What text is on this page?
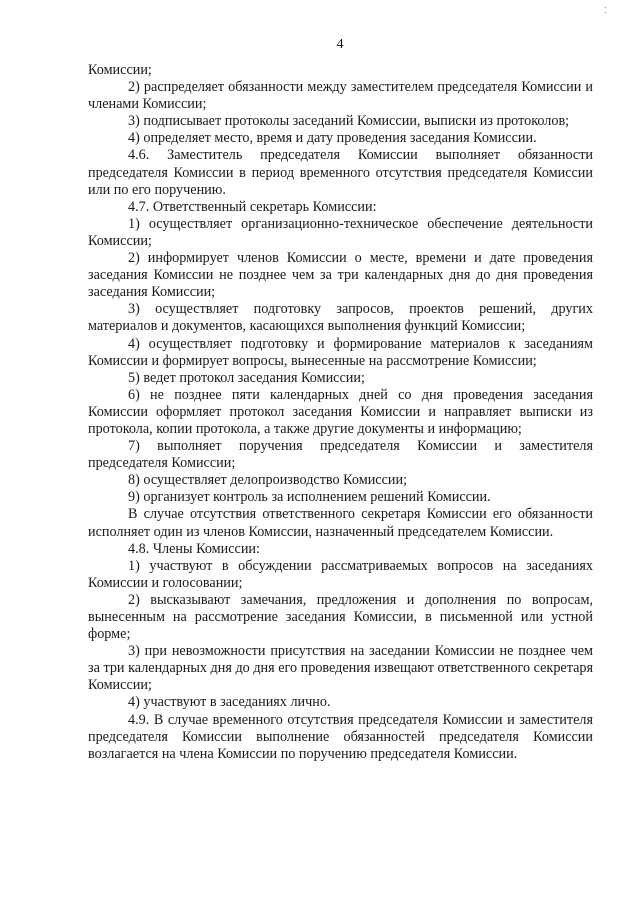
⁚
4

Комиссии;

2) распределяет обязанности между заместителем председателя Комиссии и членами Комиссии;

3) подписывает протоколы заседаний Комиссии, выписки из протоколов;

4) определяет место, время и дату проведения заседания Комиссии.

4.6. Заместитель председателя Комиссии выполняет обязанности председателя Комиссии в период временного отсутствия председателя Комиссии или по его поручению.

4.7. Ответственный секретарь Комиссии:

1) осуществляет организационно-техническое обеспечение деятельности Комиссии;

2) информирует членов Комиссии о месте, времени и дате проведения заседания Комиссии не позднее чем за три календарных дня до дня проведения заседания Комиссии;

3) осуществляет подготовку запросов, проектов решений, других материалов и документов, касающихся выполнения функций Комиссии;

4) осуществляет подготовку и формирование материалов к заседаниям Комиссии и формирует вопросы, вынесенные на рассмотрение Комиссии;

5) ведет протокол заседания Комиссии;

6) не позднее пяти календарных дней со дня проведения заседания Комиссии оформляет протокол заседания Комиссии и направляет выписки из протокола, копии протокола, а также другие документы и информацию;

7) выполняет поручения председателя Комиссии и заместителя председателя Комиссии;

8) осуществляет делопроизводство Комиссии;

9) организует контроль за исполнением решений Комиссии.

В случае отсутствия ответственного секретаря Комиссии его обязанности исполняет один из членов Комиссии, назначенный председателем Комиссии.

4.8. Члены Комиссии:

1) участвуют в обсуждении рассматриваемых вопросов на заседаниях Комиссии и голосовании;

2) высказывают замечания, предложения и дополнения по вопросам, вынесенным на рассмотрение заседания Комиссии, в письменной или устной форме;

3) при невозможности присутствия на заседании Комиссии не позднее чем за три календарных дня до дня его проведения извещают ответственного секретаря Комиссии;

4) участвуют в заседаниях лично.

4.9. В случае временного отсутствия председателя Комиссии и заместителя председателя Комиссии выполнение обязанностей председателя Комиссии возлагается на члена Комиссии по поручению председателя Комиссии.
